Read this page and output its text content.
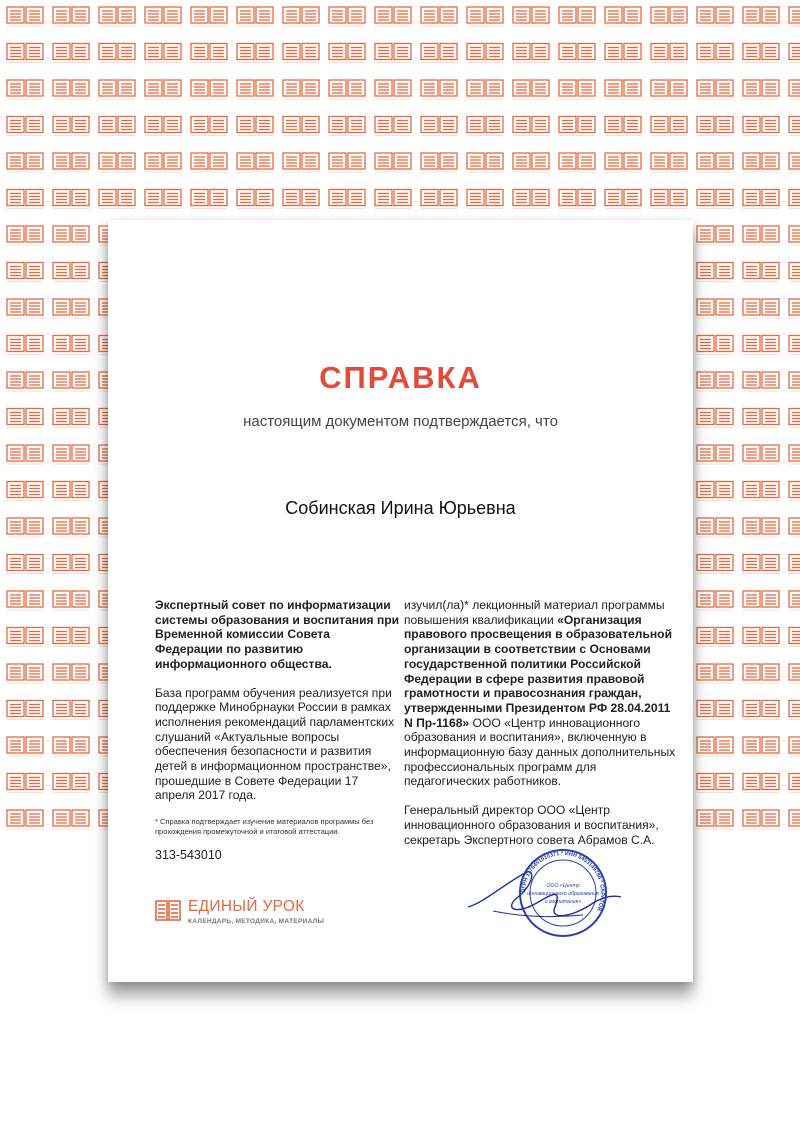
СПРАВКА
настоящим документом подтверждается, что
Собинская Ирина Юрьевна

Экспертный совет по информатизации системы образования и воспитания при Временной комиссии Совета Федерации по развитию информационного общества.

База программ обучения реализуется при поддержке Минобрнауки России в рамках исполнения рекомендаций парламентских слушаний «Актуальные вопросы обеспечения безопасности и развития детей в информационном пространстве», прошедшие в Совете Федерации 17 апреля 2017 года.

* Справка подтверждает изучение материалов программы без прохождения промежуточной и итоговой аттестации.

313-543010
ЕДИНЫЙ УРОК
КАЛЕНДАРЬ, МЕТОДИКА, МАТЕРИАЛЫ

изучил(ла)* лекционный материал программы повышения квалификации «Организация правового просвещения в образовательной организации в соответствии с Основами государственной политики Российской Федерации в сфере развития правовой грамотности и правосознания граждан, утвержденными Президентом РФ 28.04.2011 N Пр-1168» ООО «Центр инновационного образования и воспитания», включенную в информационную базу данных дополнительных профессиональных программ для педагогических работников.

Генеральный директор ООО «Центр инновационного образования и воспитания», секретарь Экспертного совета Абрамов С.А.

ОГРН 1176451010371 * ИНН 6453149780 * САРАТОВ
ООО «Центр
инновационного образования
и воспитания»
